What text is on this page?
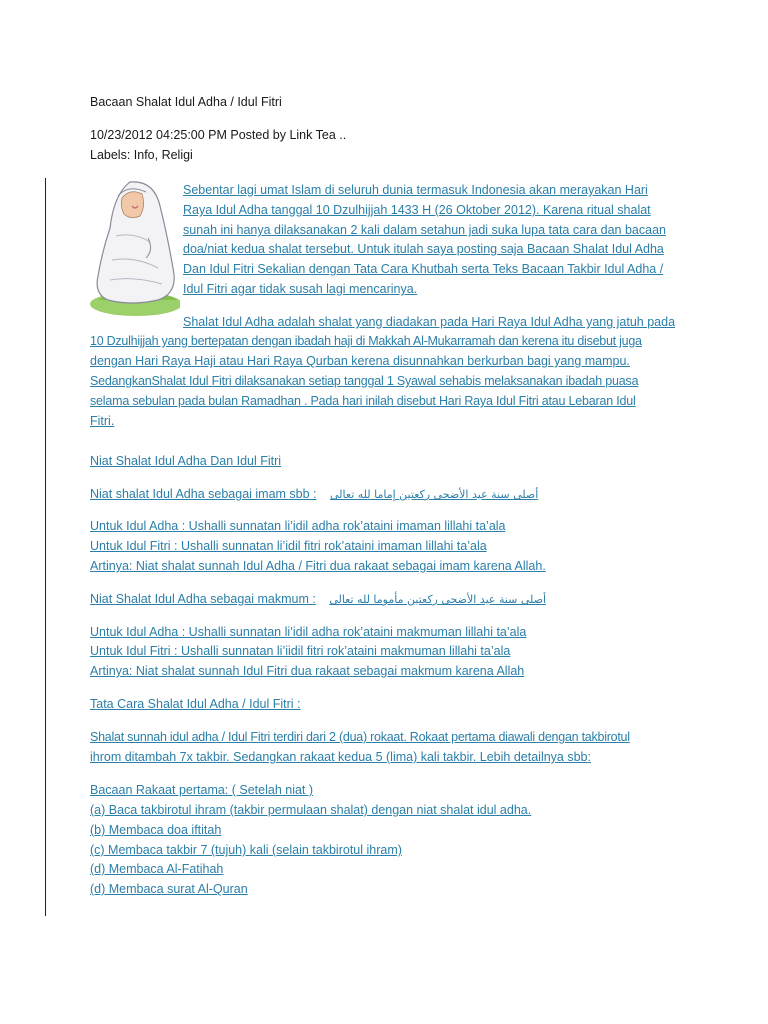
Bacaan Shalat Idul Adha / Idul Fitri
10/23/2012 04:25:00 PM Posted by Link Tea ..
Labels: Info, Religi
Sebentar lagi umat Islam di seluruh dunia termasuk Indonesia akan merayakan Hari
Raya Idul Adha tanggal 10 Dzulhijjah 1433 H (26 Oktober 2012). Karena ritual shalat
sunah ini hanya dilaksanakan 2 kali dalam setahun jadi suka lupa tata cara dan bacaan
doa/niat kedua shalat tersebut. Untuk itulah saya posting saja Bacaan Shalat Idul Adha
Dan Idul Fitri Sekalian dengan Tata Cara Khutbah serta Teks Bacaan Takbir Idul Adha /
Idul Fitri agar tidak susah lagi mencarinya.
Shalat Idul Adha adalah shalat yang diadakan pada Hari Raya Idul Adha yang jatuh pada
10 Dzulhijjah yang bertepatan dengan ibadah haji di Makkah Al-Mukarramah dan kerena itu disebut juga
dengan Hari Raya Haji atau Hari Raya Qurban kerena disunnahkan berkurban bagi yang mampu.
SedangkanShalat Idul Fitri dilaksanakan setiap tanggal 1 Syawal sehabis melaksanakan ibadah puasa
selama sebulan pada bulan Ramadhan . Pada hari inilah disebut Hari Raya Idul Fitri atau Lebaran Idul
Fitri.
Niat Shalat Idul Adha Dan Idul Fitri
Niat shalat Idul Adha sebagai imam sbb : أصلى سنة عيد الأضحى ركعتين إماما لله تعالى
Untuk Idul Adha : Ushalli sunnatan li’idil adha rok’ataini imaman lillahi ta’ala
Untuk Idul Fitri : Ushalli sunnatan li’idil fitri rok’ataini imaman lillahi ta’ala
Artinya: Niat shalat sunnah Idul Adha / Fitri dua rakaat sebagai imam karena Allah.
Niat Shalat Idul Adha sebagai makmum : أصلى سنة عيد الأضحى ركعتين مأموما لله تعالى
Untuk Idul Adha : Ushalli sunnatan li’idil adha rok’ataini makmuman lillahi ta’ala
Untuk Idul Fitri : Ushalli sunnatan li’iidil fitri rok’ataini makmuman lillahi ta’ala
Artinya: Niat shalat sunnah Idul Fitri dua rakaat sebagai makmum karena Allah
Tata Cara Shalat Idul Adha / Idul Fitri :
Shalat sunnah idul adha / Idul Fitri terdiri dari 2 (dua) rokaat. Rokaat pertama diawali dengan takbirotul
ihrom ditambah 7x takbir. Sedangkan rakaat kedua 5 (lima) kali takbir. Lebih detailnya sbb:
Bacaan Rakaat pertama: ( Setelah niat )
(a) Baca takbirotul ihram (takbir permulaan shalat) dengan niat shalat idul adha.
(b) Membaca doa iftitah
(c) Membaca takbir 7 (tujuh) kali (selain takbirotul ihram)
(d) Membaca Al-Fatihah
(d) Membaca surat Al-Quran
